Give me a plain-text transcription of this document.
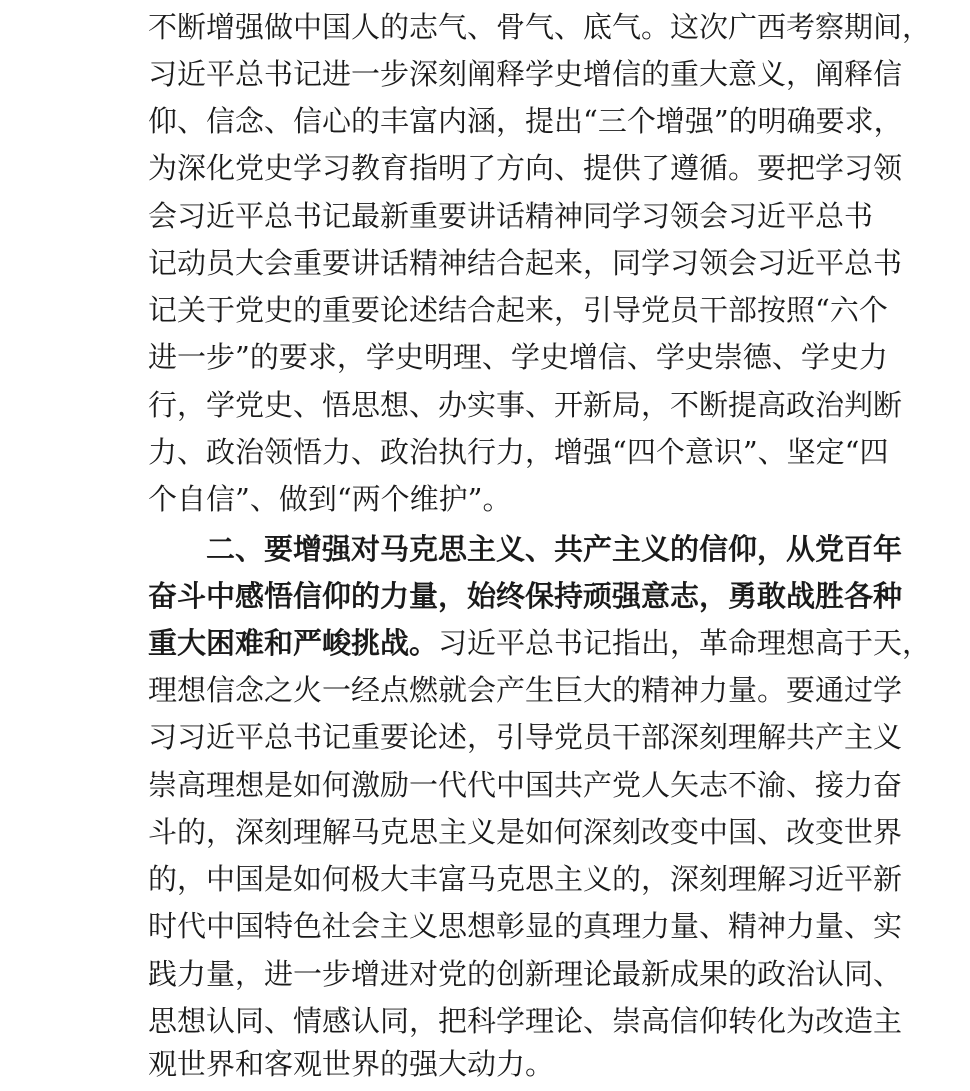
不断增强做中国人的志气、骨气、底气。这次广西考察期间，
习近平总书记进一步深刻阐释学史增信的重大意义，阐释信
仰、信念、信心的丰富内涵，提出“三个增强”的明确要求，
为深化党史学习教育指明了方向、提供了遵循。要把学习领
会习近平总书记最新重要讲话精神同学习领会习近平总书
记动员大会重要讲话精神结合起来，同学习领会习近平总书
记关于党史的重要论述结合起来，引导党员干部按照“六个
进一步”的要求，学史明理、学史增信、学史崇德、学史力
行，学党史、悟思想、办实事、开新局，不断提高政治判断
力、政治领悟力、政治执行力，增强“四个意识”、坚定“四
个自信”、做到“两个维护”。
二、要增强对马克思主义、共产主义的信仰，从党百年
奋斗中感悟信仰的力量，始终保持顽强意志，勇敢战胜各种
重大困难和严峻挑战。习近平总书记指出，革命理想高于天，
理想信念之火一经点燃就会产生巨大的精神力量。要通过学
习习近平总书记重要论述，引导党员干部深刻理解共产主义
崇高理想是如何激励一代代中国共产党人矢志不渝、接力奋
斗的，深刻理解马克思主义是如何深刻改变中国、改变世界
的，中国是如何极大丰富马克思主义的，深刻理解习近平新
时代中国特色社会主义思想彰显的真理力量、精神力量、实
践力量，进一步增进对党的创新理论最新成果的政治认同、
思想认同、情感认同，把科学理论、崇高信仰转化为改造主
观世界和客观世界的强大动力。
